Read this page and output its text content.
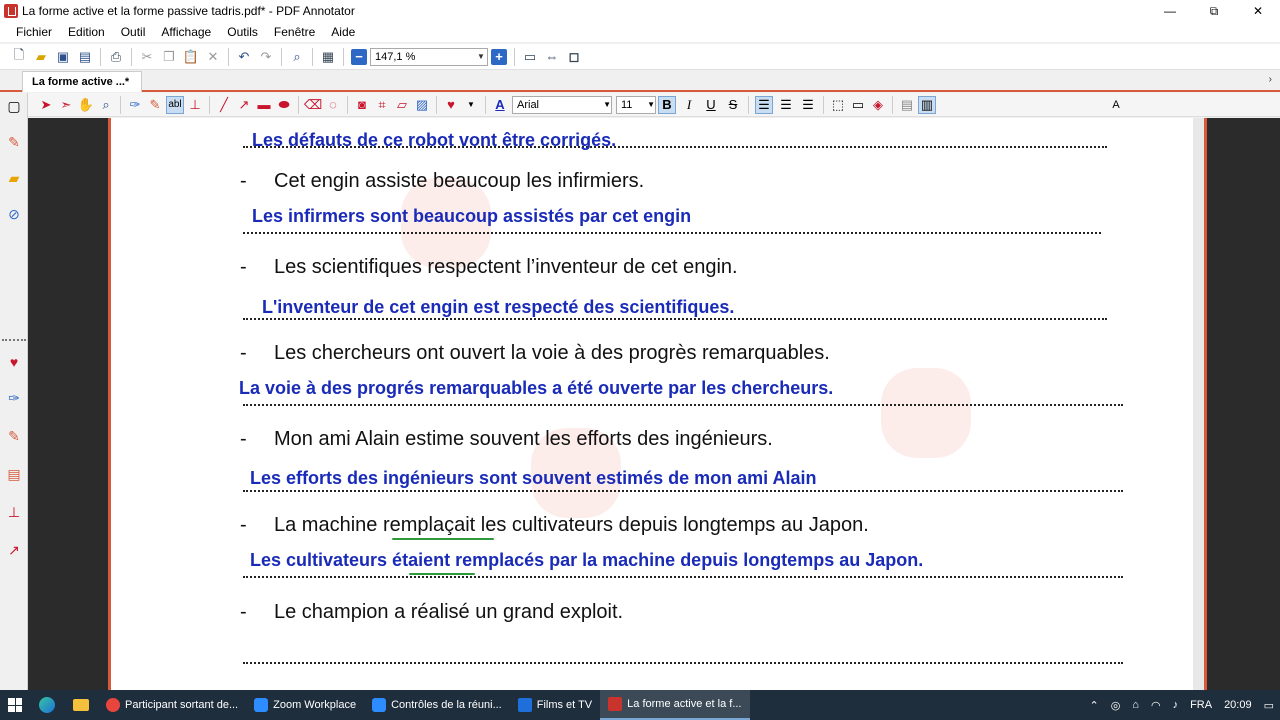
La forme active et la forme passive tadris.pdf* - PDF Annotator	—	⧉	✕
Fichier	Edition	Outil	Affichage	Outils	Fenêtre	Aide
🗋 ▰ ▣ ▤ ⎙ ✂ ❐ 📋 ✕ ↶ ↷	⌕	▦	−	147,1 %	▼ +	▭ ⇔ ◻
La forme active ...*	›
▢
✎
▰
⊘
♥
✑
✎
▤
⊥
↗
➤ ➣ ✋ ⌕	✑ ✎ abl ⊥	╱ ↗ ▬ ⬬ ⌫ ◌	◙ ⌗ ▱ ▨	♥	▼	A	Arial	▼ 11 ▼ B	I	U S	☰ ☰ ☰ ⬚ ▭ ◈	▤ ▥	A
Les défauts de ce robot vont être corrigés.
- Cet engin assiste beaucoup les infirmiers.
Les infirmers sont beaucoup assistés par cet engin
- Les scientifiques respectent l’inventeur de cet engin.
L'inventeur de cet engin est respecté des scientifiques.
- Les chercheurs ont ouvert la voie à des progrès remarquables.
La voie à des progrés remarquables a été ouverte par les chercheurs.
- Mon ami Alain estime souvent les efforts des ingénieurs.
Les efforts des ingénieurs sont souvent estimés de mon ami Alain
- La machine remplaçait les cultivateurs depuis longtemps au Japon.
Les cultivateurs étaient remplacés par la machine depuis longtemps au Japon.
- Le champion a réalisé un grand exploit.
Participant sortant de...	Zoom Workplace	Contrôles de la réuni...	Films et TV	La forme active et la f...	⌃ ◎ ⌂ ◠ ♪ FRA 20:09 ▭
